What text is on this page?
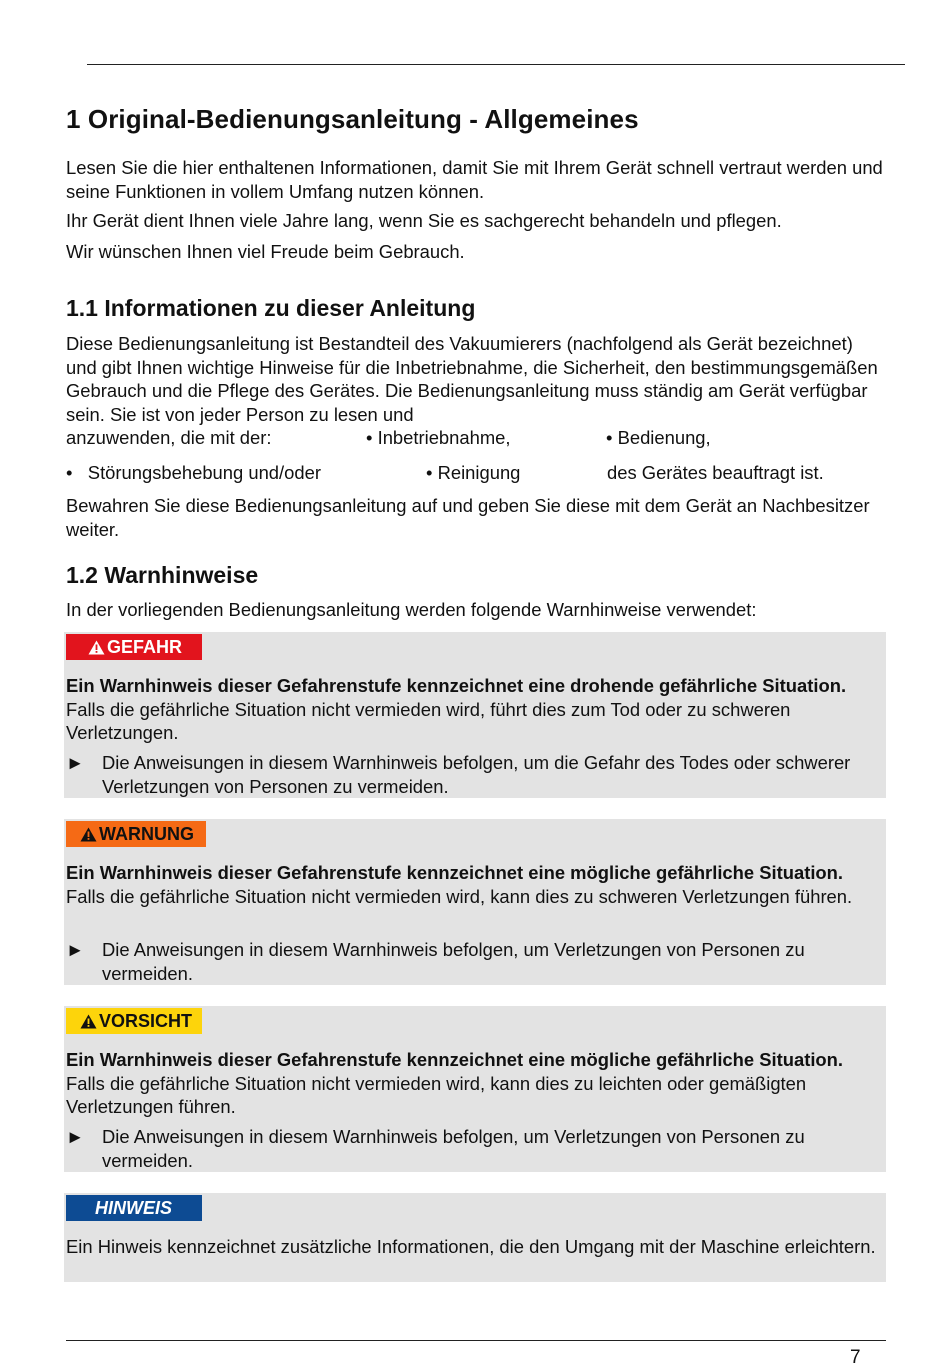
1 Original-Bedienungsanleitung - Allgemeines

Lesen Sie die hier enthaltenen Informationen, damit Sie mit Ihrem Gerät schnell vertraut werden und seine Funktionen in vollem Umfang nutzen können.

Ihr Gerät dient Ihnen viele Jahre lang, wenn Sie es sachgerecht behandeln und pflegen.

Wir wünschen Ihnen viel Freude beim Gebrauch.

1.1 Informationen zu dieser Anleitung

Diese Bedienungsanleitung ist Bestandteil des Vakuumierers (nachfolgend als Gerät bezeichnet) und gibt Ihnen wichtige Hinweise für die Inbetriebnahme, die Sicherheit, den bestimmungsgemäßen Gebrauch und die Pflege des Gerätes. Die Bedienungsanleitung muss ständig am Gerät verfügbar sein. Sie ist von jeder Person zu lesen und

anzuwenden, die mit der:	• Inbetriebnahme,	• Bedienung,
• Störungsbehebung und/oder	• Reinigung	des Gerätes beauftragt ist.

Bewahren Sie diese Bedienungsanleitung auf und geben Sie diese mit dem Gerät an Nachbesitzer weiter.

1.2 Warnhinweise

In der vorliegenden Bedienungsanleitung werden folgende Warnhinweise verwendet:

GEFAHR

Ein Warnhinweis dieser Gefahrenstufe kennzeichnet eine drohende gefährliche Situation. Falls die gefährliche Situation nicht vermieden wird, führt dies zum Tod oder zu schweren Verletzungen.

► Die Anweisungen in diesem Warnhinweis befolgen, um die Gefahr des Todes oder schwerer Verletzungen von Personen zu vermeiden.
WARNUNG

Ein Warnhinweis dieser Gefahrenstufe kennzeichnet eine mögliche gefährliche Situation. Falls die gefährliche Situation nicht vermieden wird, kann dies zu schweren Verletzungen führen.

► Die Anweisungen in diesem Warnhinweis befolgen, um Verletzungen von Personen zu vermeiden.
VORSICHT

Ein Warnhinweis dieser Gefahrenstufe kennzeichnet eine mögliche gefährliche Situation. Falls die gefährliche Situation nicht vermieden wird, kann dies zu leichten oder gemäßigten Verletzungen führen.

► Die Anweisungen in diesem Warnhinweis befolgen, um Verletzungen von Personen zu vermeiden.
HINWEIS

Ein Hinweis kennzeichnet zusätzliche Informationen, die den Umgang mit der Maschine erleichtern.

7
